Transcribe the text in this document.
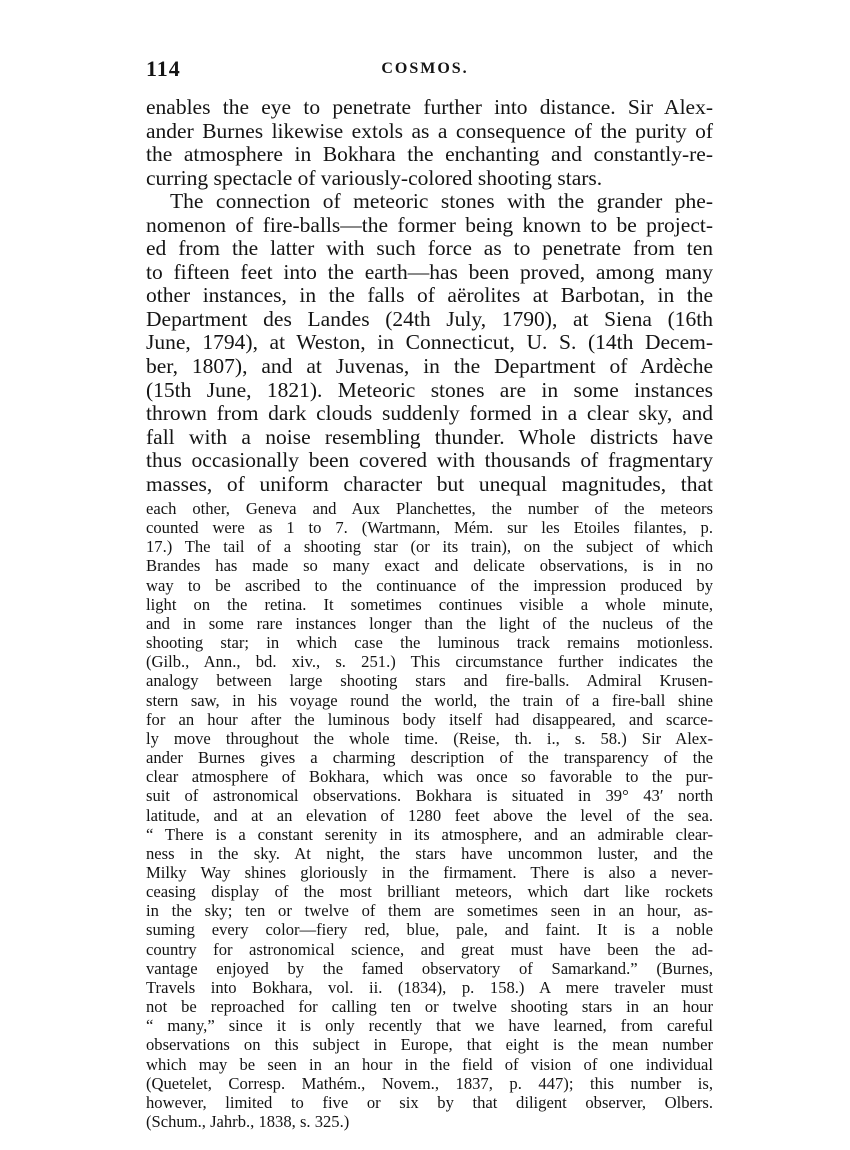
114	COSMOS.
enables the eye to penetrate further into distance. Sir Alex-
ander Burnes likewise extols as a consequence of the purity of
the atmosphere in Bokhara the enchanting and constantly-re-
curring spectacle of variously-colored shooting stars.
The connection of meteoric stones with the grander phe-
nomenon of fire-balls—the former being known to be project-
ed from the latter with such force as to penetrate from ten
to fifteen feet into the earth—has been proved, among many
other instances, in the falls of aërolites at Barbotan, in the
Department des Landes (24th July, 1790), at Siena (16th
June, 1794), at Weston, in Connecticut, U. S. (14th Decem-
ber, 1807), and at Juvenas, in the Department of Ardèche
(15th June, 1821). Meteoric stones are in some instances
thrown from dark clouds suddenly formed in a clear sky, and
fall with a noise resembling thunder. Whole districts have
thus occasionally been covered with thousands of fragmentary
masses, of uniform character but unequal magnitudes, that
each other, Geneva and Aux Planchettes, the number of the meteors
counted were as 1 to 7. (Wartmann, Mém. sur les Etoiles filantes, p.
17.) The tail of a shooting star (or its train), on the subject of which
Brandes has made so many exact and delicate observations, is in no
way to be ascribed to the continuance of the impression produced by
light on the retina. It sometimes continues visible a whole minute,
and in some rare instances longer than the light of the nucleus of the
shooting star; in which case the luminous track remains motionless.
(Gilb., Ann., bd. xiv., s. 251.) This circumstance further indicates the
analogy between large shooting stars and fire-balls. Admiral Krusen-
stern saw, in his voyage round the world, the train of a fire-ball shine
for an hour after the luminous body itself had disappeared, and scarce-
ly move throughout the whole time. (Reise, th. i., s. 58.) Sir Alex-
ander Burnes gives a charming description of the transparency of the
clear atmosphere of Bokhara, which was once so favorable to the pur-
suit of astronomical observations. Bokhara is situated in 39° 43′ north
latitude, and at an elevation of 1280 feet above the level of the sea.
“ There is a constant serenity in its atmosphere, and an admirable clear-
ness in the sky. At night, the stars have uncommon luster, and the
Milky Way shines gloriously in the firmament. There is also a never-
ceasing display of the most brilliant meteors, which dart like rockets
in the sky; ten or twelve of them are sometimes seen in an hour, as-
suming every color—fiery red, blue, pale, and faint. It is a noble
country for astronomical science, and great must have been the ad-
vantage enjoyed by the famed observatory of Samarkand.” (Burnes,
Travels into Bokhara, vol. ii. (1834), p. 158.) A mere traveler must
not be reproached for calling ten or twelve shooting stars in an hour
“ many,” since it is only recently that we have learned, from careful
observations on this subject in Europe, that eight is the mean number
which may be seen in an hour in the field of vision of one individual
(Quetelet, Corresp. Mathém., Novem., 1837, p. 447); this number is,
however, limited to five or six by that diligent observer, Olbers.
(Schum., Jahrb., 1838, s. 325.)
